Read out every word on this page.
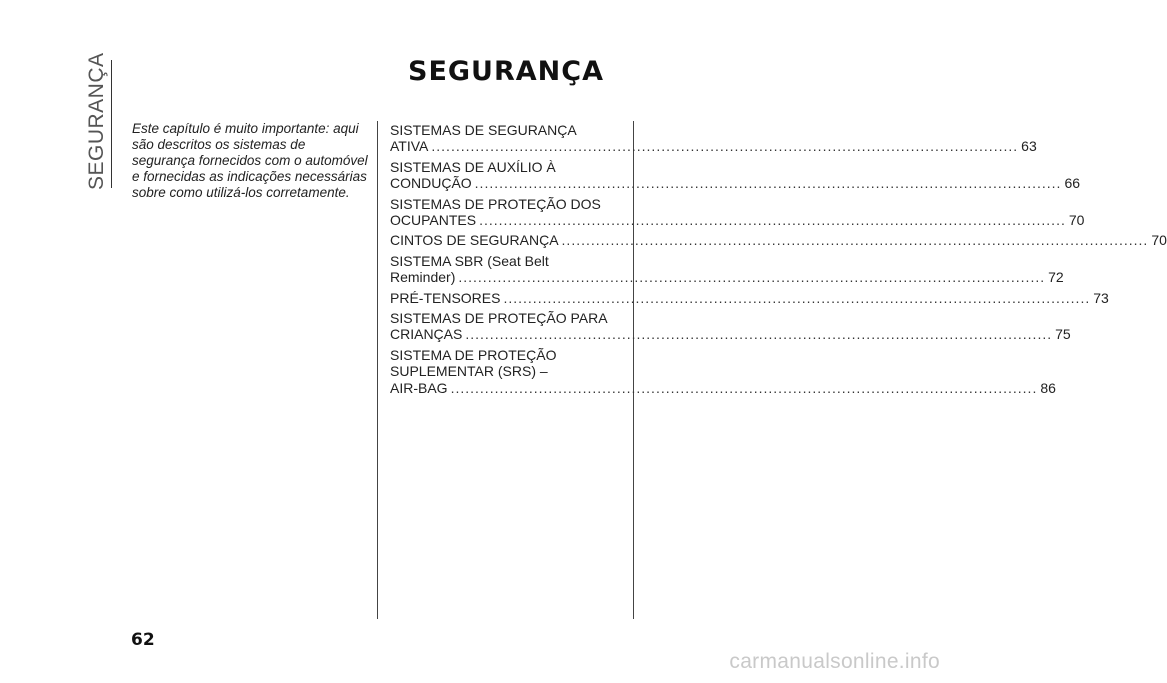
SEGURANÇA	SEGURANÇA
Este capítulo é muito importante: aqui são descritos os sistemas de segurança fornecidos com o automóvel e fornecidas as indicações necessárias sobre como utilizá-los corretamente.
SISTEMAS DE SEGURANÇA
ATIVA ........................................................................................................................ 63
SISTEMAS DE AUXÍLIO À
CONDUÇÃO ........................................................................................................................ 66
SISTEMAS DE PROTEÇÃO DOS
OCUPANTES ........................................................................................................................ 70
CINTOS DE SEGURANÇA ........................................................................................................................ 70
SISTEMA SBR (Seat Belt
Reminder) ........................................................................................................................ 72
PRÉ-TENSORES ........................................................................................................................ 73
SISTEMAS DE PROTEÇÃO PARA
CRIANÇAS ........................................................................................................................ 75
SISTEMA DE PROTEÇÃO
SUPLEMENTAR (SRS) –
AIR-BAG ........................................................................................................................ 86
62
carmanualsonline.info
